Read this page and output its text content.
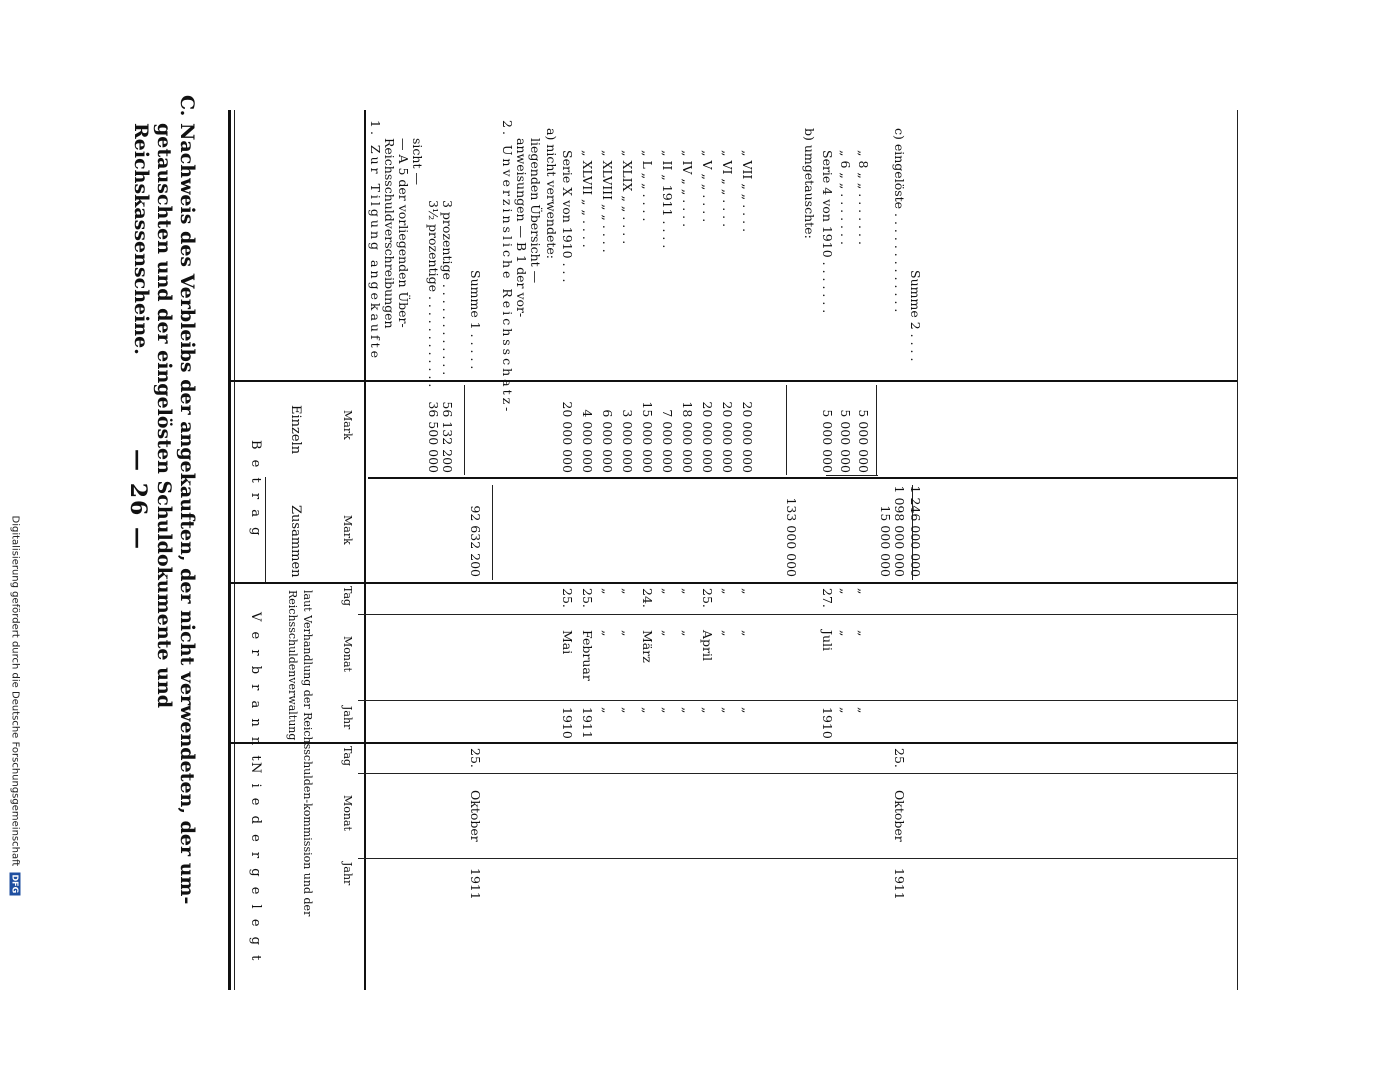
— 26 — C. Nachweis des Verbleibs der angekauften, der nicht verwendeten, der um-
getauschten und der eingelösten Schuldokumente und Reichskassenscheine.
B e t r a g
Einzeln
Zusammen
Mark
Mark
V e r b r a n n t	laut Verhandlung der Reichsschulden-kommission und der Reichsschuldenverwaltung	Tag
Monat
Jahr
N i e d e r g e l e g t
Tag
Monat
Jahr
1. Zur Tilgung angekaufte Reichsschuldverschreibungen — A 5 der vorliegenden Über- sicht —
3½ prozentige . . . . . . . . . . . .
36 500 000
3 prozentige . . . . . . . . . . . .
56 132 200
Summe 1 . . . . .
92 632 200
25.
Oktober
1911
2. Unverzinsliche Reichsschatz- anweisungen — B 1 der vor- liegenden Übersicht — a) nicht verwendete: Serie X von 1910 . . .
20 000 000
25.
Mai
1910
„ XLVII „ „ . . . .
4 000 000
25.
Februar
1911
„ XLVIII „ „ . . . .
6 000 000
„
„
„
„ XLIX „ „ . . . .
3 000 000
„
„
„
„ L „ „ . . . .
15 000 000
24.
März
„
„ II „ 1911 . . . .
7 000 000
„
„
„
„ IV „ „ . . . .
18 000 000
„
„
„
„ V „ „ . . . .
20 000 000
25.
April
„
„ VI „ „ . . . .
20 000 000
„
„
„
„ VII „ „ . . . .
20 000 000
„
„
„
133 000 000
b) umgetauschte: Serie 4 von 1910 . . . . . . .
5 000 000
27.
Juli
1910
„ 6 „ „ . . . . . . .
5 000 000
„
„
„
„ 8 „ „ . . . . . . .
5 000 000
„
„
„
15 000 000
c) eingelöste . . . . . . . . . . . . .
1 098 000 000
25.
Oktober
1911
Summe 2 . . . .
1 246 000 000
Digitalisierung gefördert durch die Deutsche Forschungsgemeinschaft DFG
